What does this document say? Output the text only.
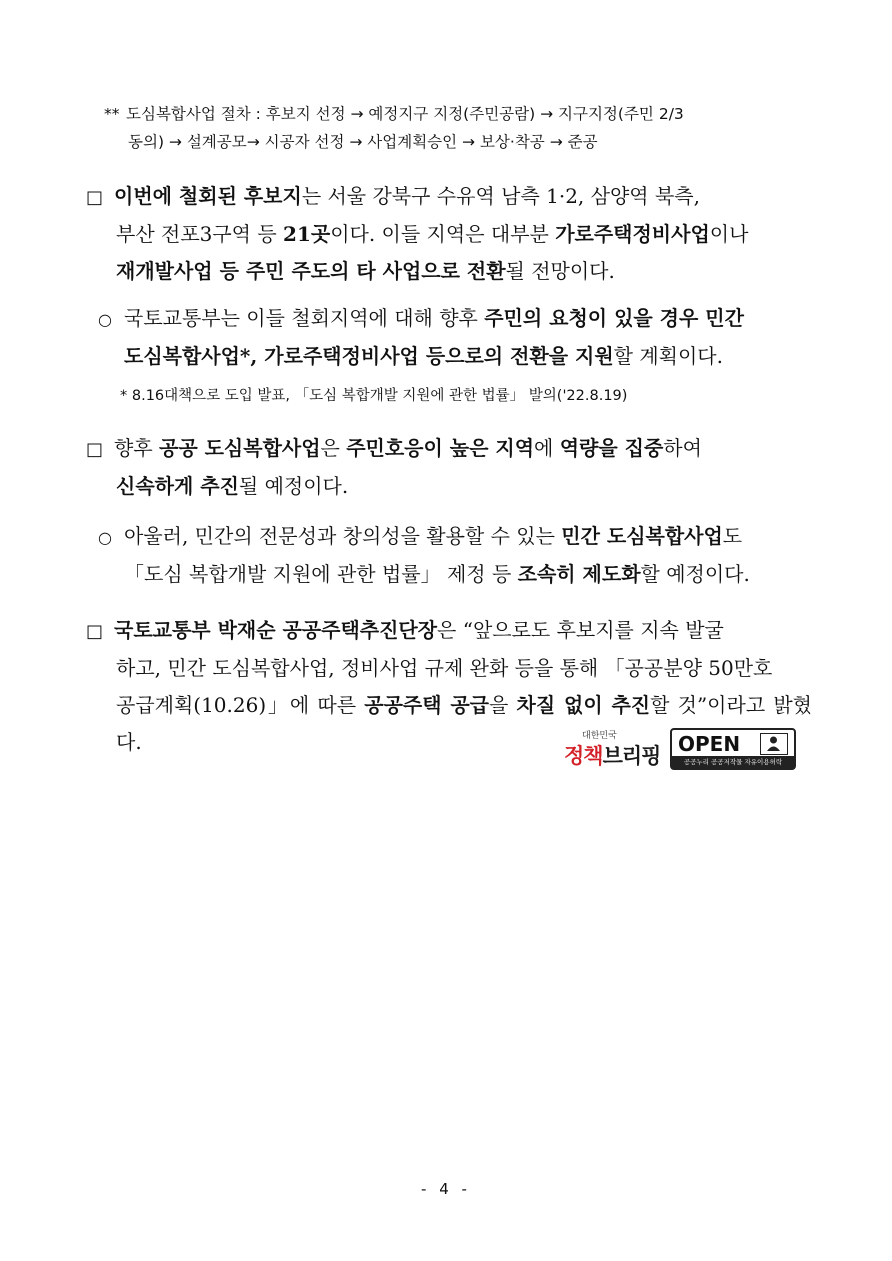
** 도심복합사업 절차 : 후보지 선정 → 예정지구 지정(주민공람) → 지구지정(주민 2/3
동의) → 설계공모→ 시공자 선정 → 사업계획승인 → 보상·착공 → 준공
□ 이번에 철회된 후보지는 서울 강북구 수유역 남측 1·2, 삼양역 북측,
부산 전포3구역 등 21곳이다. 이들 지역은 대부분 가로주택정비사업이나
재개발사업 등 주민 주도의 타 사업으로 전환될 전망이다.
○ 국토교통부는 이들 철회지역에 대해 향후 주민의 요청이 있을 경우 민간
도심복합사업*, 가로주택정비사업 등으로의 전환을 지원할 계획이다.
* 8.16대책으로 도입 발표, 「도심 복합개발 지원에 관한 법률」 발의('22.8.19)
□ 향후 공공 도심복합사업은 주민호응이 높은 지역에 역량을 집중하여
신속하게 추진될 예정이다.
○ 아울러, 민간의 전문성과 창의성을 활용할 수 있는 민간 도심복합사업도
「도심 복합개발 지원에 관한 법률」 제정 등 조속히 제도화할 예정이다.
□ 국토교통부 박재순 공공주택추진단장은 “앞으로도 후보지를 지속 발굴
하고, 민간 도심복합사업, 정비사업 규제 완화 등을 통해 「공공분양 50만호
공급계획(10.26)」에 따른 공공주택 공급을 차질 없이 추진할 것”이라고 밝혔다.	대한민국
정책브리핑 OPEN
공공누리 공공저작물 자유이용허락
- 4 -
